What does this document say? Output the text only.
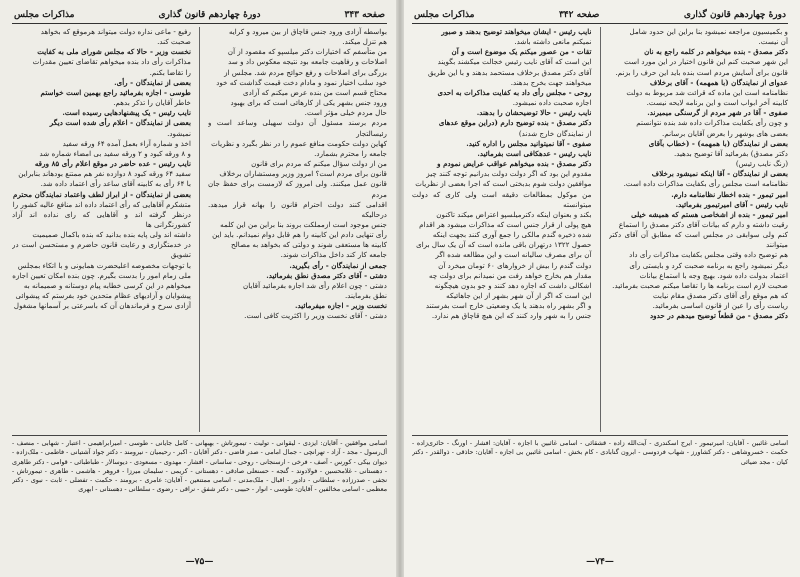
صفحه ۳۴۳
دورۀ چهاردهم قانون گذاری
مذاکرات مجلس

بواسطه آزادی ورود جنس قاچاق از بین میرود و کرایه

هم تنزل میکند.

من متأسفم که اختیارات دکتر میلسپو که مقصود از آن

اصلاحات و رفاهیت جامعه بود نتیجه معکوس داد و سد

بزرگی برای اصلاحات و رفع حوائج مردم شد. مجلس از

خود سلب اختیار نمود و مادام دخت قیمت گذاشت که خود

محتاج قسم است من بنده عرض میکنم که آزادی

ورود جنس بشهر یکی از کارهائی است که برای بهبود

حال مردم خیلی مؤثر است.

مردم برسند مسئول آن دولت سهیلی وساعد است و رئیسالتجار

کهاین دولت حکومت منافع عموم را در نظر بگیرد و نظریات

جامعه را محترم بشمارد.

من از دولت سؤال میکنم که مردم برای قانون

قانون برای مردم است؟ امروز وزیر ومستشاران برخلاف

قانون عمل میکنند. ولی امروز که لازمست برای حفظ جان مردم

اقدامی کنند دولت احترام قانون را بهانه قرار میدهد. درحالیکه

جنس موجود است ازمملکت بروند بنا براین من این کلمه

رأی تنهایی دادم این کابینه را هم قابل دوام نمیدانم. باید این

کابینه ها مستعفی شوند و دولتی که بخواهد به مصالح

جامعه کار کند داخل مذاکرات شوند.

جمعی از نمایندگان - رأی بگیرید.

دشتی - آقای دکتر مصدق نطق بفرمائید.

دشتی - چون اعلام رأی شد اجازه بفرمائید آقایان

نطق بفرمایند.

نخست وزیر - اجازه میفرمائید.

دشتی - آقای نخست وزیر را اکثریت کافی است.

رفیع - ماعی نداره دولت میتواند هرموقع که بخواهد

صحبت کند.

نخست وزیر - حالا که مجلس شورای ملی به کفایت

مذاکرات رأی داد بنده میخواهم تقاضای تعیین مقدرات

را تقاضا بکنم.

بعضی از نمایندگان - رأی.

طوسی - اجازه بفرمائید راجع بهمین است خواستم

خاطر آقایان را تذکر بدهم.

نایب رئیس - یک پیشنهادهایی رسیده است.

بعضی از نمایندگان - اعلام رأی شده است دیگر

نمیشود.

اخذ و شماره آراء بعمل آمده ۶۴ ورقه سفید

و ۸ ورقه کبود و ۲ ورقه سفید بی امضاء شماره شد

نایب رئیس - عده حاضر در موقع اعلام رأی ۸۵ ورقه

سفید ۶۴ ورقه کبود ۸ دوازده نفر هم ممتنع بودهاند بنابراین

با ۶۴ رأی به کابینه آقای ساعد رأی اعتماد داده شد.

بعضی از نمایندگان - از ابراز لطف واعتماد نمایندگان محترم

متشکرم آقاهایی که رأی اعتماد داده اند منافع عالیه کشور را

درنظر گرفته اند و آقاهایی که رای نداده اند آزاد کشورنگرانی ها

داشته اند ولی پایه بنده بدانید که بنده باکمال صمیمیت

در خدمتگزاری و رعایت قانون حاضرم و مستحسن است در تشویق

با توجهات مخصوصه اعلیحضرت همایونی و با اتکاء بمجلس

ملی زمام امور را بدست بگیرم. چون بنده امکان تعیین اجازه

میخواهم در این کرسی خطابه پیام دوستانه و صمیمانه به

پیشوایان و آزادیهای عظام متحدین خود بفرستم که پیشوائی

آزادی سرخ و فرماندهان آن که باسرعتی بر آسمانها مشغول

اسامی موافقین - آقایان: ایزدی - لیقوانی - تولیت - تیمورتاش - بهبهانی - کامل جایانی - طوسی - امیرابراهیمی - اعتبار - شهابی - منصف - آل‌رسول - مجد - آزاد - تهرانچی - جمال امامی - صدر قاضی - دکتر آقایان - اکبر - رحیمیان - نیرومند - دکتر جواد آشتیانی - فاطمی - ملک‌زاده - دیوان بیکی - کورس - آصف - فرخی - ارسنجانی - روحی - ساسانی - افشار - مهدوی - مسعودی - دیوسالار - طباطبائی - قوامی - دکتر طاهری - دهستانی - غلامحسین - فولادوند - گنجه - حسنعلی صادقی - دهستانی - کریمی - سلیمان میرزا - فروهر - هاشمی - طاهری - تیمورتاش - نجفی - صدرزاده - سلطانی - دادور - اقبال - ملک‌مدنی - اسامی ممتنعین - آقایان: عامری - برومند - حکمت - تفضلی - ثابت - نبوی - دکتر معظمی - اسامی مخالفین - آقایان: طوسی - انوار - حبیبی - دکتر شفق - نراقی - رضوی - سلطانی - دهستانی - ابهری
—۷۵—
دورۀ چهاردهم قانون گذاری
صفحه ۳۴۲
مذاکرات مجلس

و بکمیسیون مراجعه نمیشود بنا براین این حدود شامل

آن نیست.

دکتر مصدق - بنده میخواهم در کلمه راجع به نان

این شهر صحبت کنم این قانون اختیار در این مورد است

قانون برای آسایش مردم است بنده باید این حرف را بزنم.

عدوای از نمایندگان (با همهمه) - آقای برخلاف

نظامنامه است این ماده که قرائت شد مربوط به دولت

کابینه آخر ابواب است و این برنامه لایحه نیست.

صفوی - آقا در شهر مردم از گرسنگی میمیرند.

و چون رأی بکفایت مذاکرات داده شد بنده نتوانستم

بعضی های بوشهر را بعرض آقایان برسانم.

بعضی از نمایندگان (با همهمه) - (خطاب بآقای

دکتر مصدق) بفرمائید آقا توضیح بدهید.

(زنگ نایب رئیس)

بعضی از نمایندگان - آقا اینکه نمیشود برخلاف

نظامنامه است مجلس رأی بکفایت مذاکرات داده است.

امیر تیمور - بنده اخطار نظامنامه دارم.

نایب رئیس - آقای امیرتیمور بفرمائید.

امیر تیمور - بنده از اشخاصی هستم که همیشه خیلی

رقیت داشته و دارم که بیانات آقای دکتر مصدق را استماع

کنم ولی سوابقی در مجلس است که مطابق آن آقای دکتر میتوانند

هم توضیح داده وقتی مجلس بکفایت مذاکرات رأی داد

دیگر نمیشود راجع به برنامه صحبت کرد و بایستی رأی

اعتماد بدولت داده شود. بهیچ وجه با استماع بیانات

صحبت لازم است برنامه ها را تقاضا میکنم صحبت بفرمائید.

که هم موقع رأی آقای دکتر مصدق مقام نیابت

ریاست رأی را عین از قانون اساسی بفرمائید.

دکتر مصدق - من قطعاً توضیح میدهم در حدود

نایب رئیس - ایشان میخواهند توضیح بدهند و صبور

نمیکنم مانعی داشته باشد.

تقات - من عصور میکنم یک موضوع است و آن

این است که آقای نایب رئیس خجالت میکشند بگویند

آقای دکتر مصدق برخلاف مستحمد بدهند و با این طریق

میخواهند جهت بخرج بدهند.

روحی - مجلس رأی داد به کفایت مذاکرات به احدی

اجازه صحبت داده نمیشود.

نایب رئیس - حالا توضیحشان را بدهند.

دکتر مصدق - بنده توضیح دارم (دراین موقع عدهای

از نمایندگان خارج شدند)

صفوی - آقا نمیتوانید مجلس را اداره کنید.

نایب رئیس - عدهکافی است بفرمائید.

دکتر مصدق - بنده میخواهم عواقب عرایض نمودم و

مقدوم این بود که اگر دولت دولت بدرانیم توجه کنند چیز

موافقین دولت شوم بدبختی است که اجرا بعضی از نظریات

من موکول بمطالعات دقیقه است ولی کاری که دولت میتوانسته

بکند و بعنوان اینکه دکترمیلسپو اعتراض میکند تاکنون

هیچ پولی از قرار جنس است که مذاکرات میشود هر اقدام

شده ذخیره گندم مالکی را جمع آوری کنند بجهت اینکه

حصول ۱۳۲۲ درتهران باقی مانده است که آن یک سال برای

آن برای مصرف سالیانه است و این مطالعه شده اگر

دولت گندم را بیش از خروارهای ۶۰ تومان میخرد آن

مقدار هم بخارج خواهد رفت من نمیدانم برای دولت چه

اشکالی داشت که اجازه دهد کنند و جو بدون هیچگونه

این است که اگر از آن شهر بشهر از این جاهائیکه

و اگر بشهر راه بدهند یا یک وضعیتی خارج است بفرستند

جنس را به شهر وارد کنند که این هیچ قاچاق هم ندارد.

اسامی غائبین - آقایان: امیرتیمور - ایرج اسکندری - آیت‌الله زاده - قشقائی - اسامی غائبین با اجازه - آقایان: افشار - اورنگ - حائری‌زاده - حکمت - خسروشاهی - دکتر کشاورز - شهاب فردوسی - ابرون گنابادی - کام بخش - اسامی غائبین بی اجازه - آقایان: حاذقی - ذوالقدر - دکتر کیان - مجد ضیائی
—۷۴—
